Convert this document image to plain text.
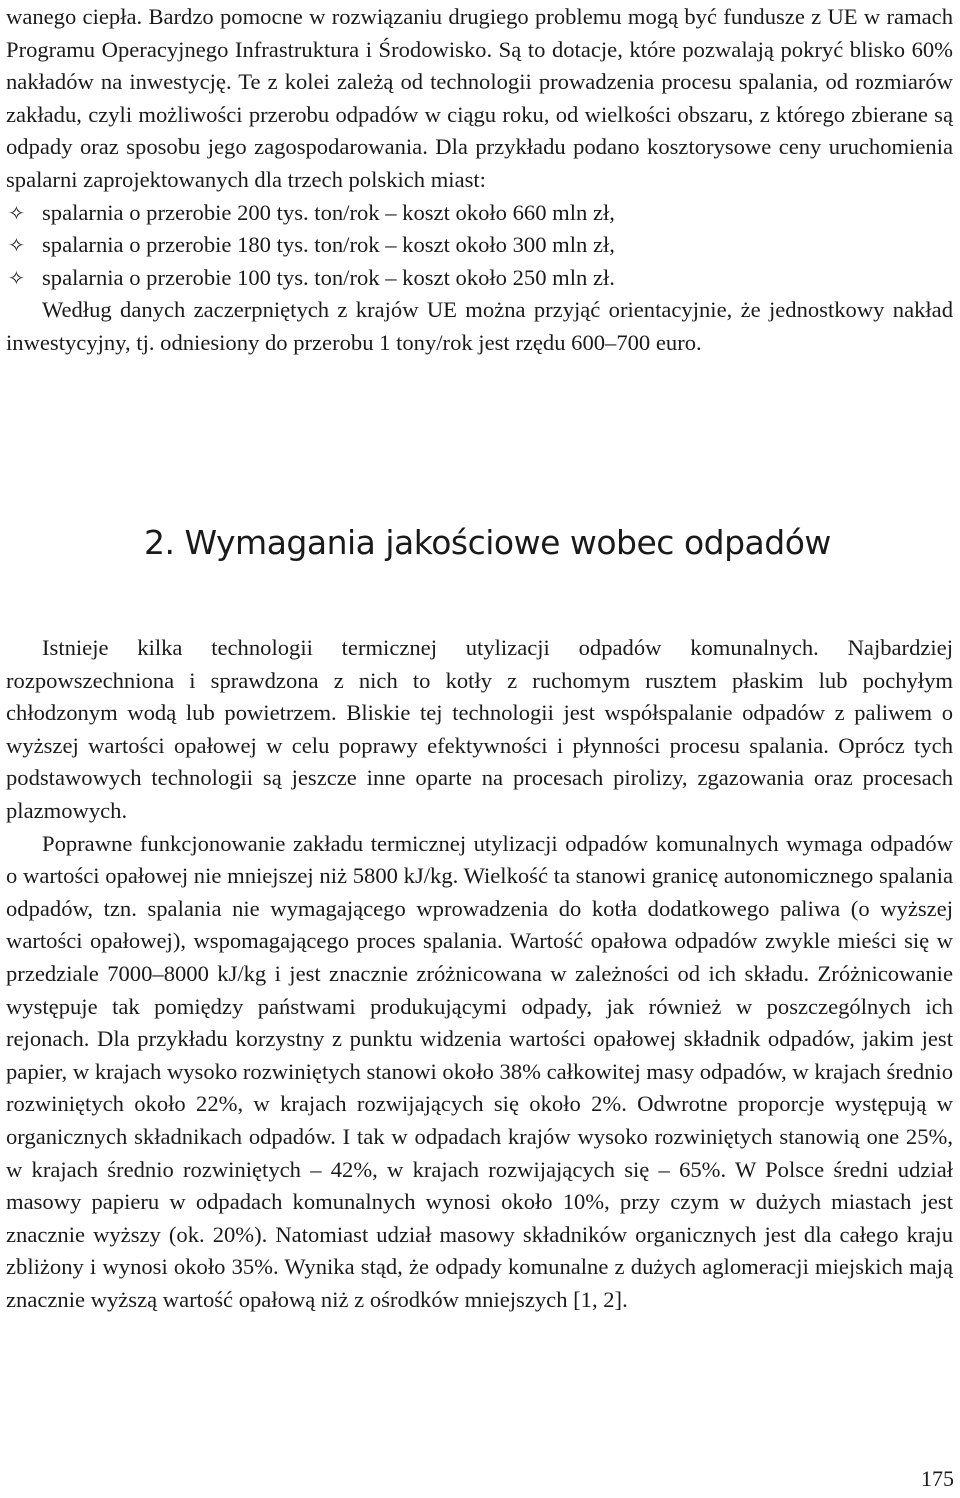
wanego ciepła. Bardzo pomocne w rozwiązaniu drugiego problemu mogą być fundusze z UE w ramach Programu Operacyjnego Infrastruktura i Środowisko. Są to dotacje, które pozwalają pokryć blisko 60% nakładów na inwestycję. Te z kolei zależą od technologii prowadzenia procesu spalania, od rozmiarów zakładu, czyli możliwości przerobu odpadów w ciągu roku, od wielkości obszaru, z którego zbierane są odpady oraz sposobu jego zagospodarowania. Dla przykładu podano kosztorysowe ceny uruchomienia spalarni zaprojektowanych dla trzech polskich miast:

✧ spalarnia o przerobie 200 tys. ton/rok – koszt około 660 mln zł,
✧ spalarnia o przerobie 180 tys. ton/rok – koszt około 300 mln zł,
✧ spalarnia o przerobie 100 tys. ton/rok – koszt około 250 mln zł.

Według danych zaczerpniętych z krajów UE można przyjąć orientacyjnie, że jednostkowy nakład inwestycyjny, tj. odniesiony do przerobu 1 tony/rok jest rzędu 600–700 euro.

2. Wymagania jakościowe wobec odpadów

Istnieje kilka technologii termicznej utylizacji odpadów komunalnych. Najbardziej rozpowszechniona i sprawdzona z nich to kotły z ruchomym rusztem płaskim lub pochyłym chłodzonym wodą lub powietrzem. Bliskie tej technologii jest współspalanie odpadów z paliwem o wyższej wartości opałowej w celu poprawy efektywności i płynności procesu spalania. Oprócz tych podstawowych technologii są jeszcze inne oparte na procesach pirolizy, zgazowania oraz procesach plazmowych.

Poprawne funkcjonowanie zakładu termicznej utylizacji odpadów komunalnych wymaga odpadów o wartości opałowej nie mniejszej niż 5800 kJ/kg. Wielkość ta stanowi granicę autonomicznego spalania odpadów, tzn. spalania nie wymagającego wprowadzenia do kotła dodatkowego paliwa (o wyższej wartości opałowej), wspomagającego proces spalania. Wartość opałowa odpadów zwykle mieści się w przedziale 7000–8000 kJ/kg i jest znacznie zróżnicowana w zależności od ich składu. Zróżnicowanie występuje tak pomiędzy państwami produkującymi odpady, jak również w poszczególnych ich rejonach. Dla przykładu korzystny z punktu widzenia wartości opałowej składnik odpadów, jakim jest papier, w krajach wysoko rozwiniętych stanowi około 38% całkowitej masy odpadów, w krajach średnio rozwiniętych około 22%, w krajach rozwijających się około 2%. Odwrotne proporcje występują w organicznych składnikach odpadów. I tak w odpadach krajów wysoko rozwiniętych stanowią one 25%, w krajach średnio rozwiniętych – 42%, w krajach rozwijających się – 65%. W Polsce średni udział masowy papieru w odpadach komunalnych wynosi około 10%, przy czym w dużych miastach jest znacznie wyższy (ok. 20%). Natomiast udział masowy składników organicznych jest dla całego kraju zbliżony i wynosi około 35%. Wynika stąd, że odpady komunalne z dużych aglomeracji miejskich mają znacznie wyższą wartość opałową niż z ośrodków mniejszych [1, 2].

175
